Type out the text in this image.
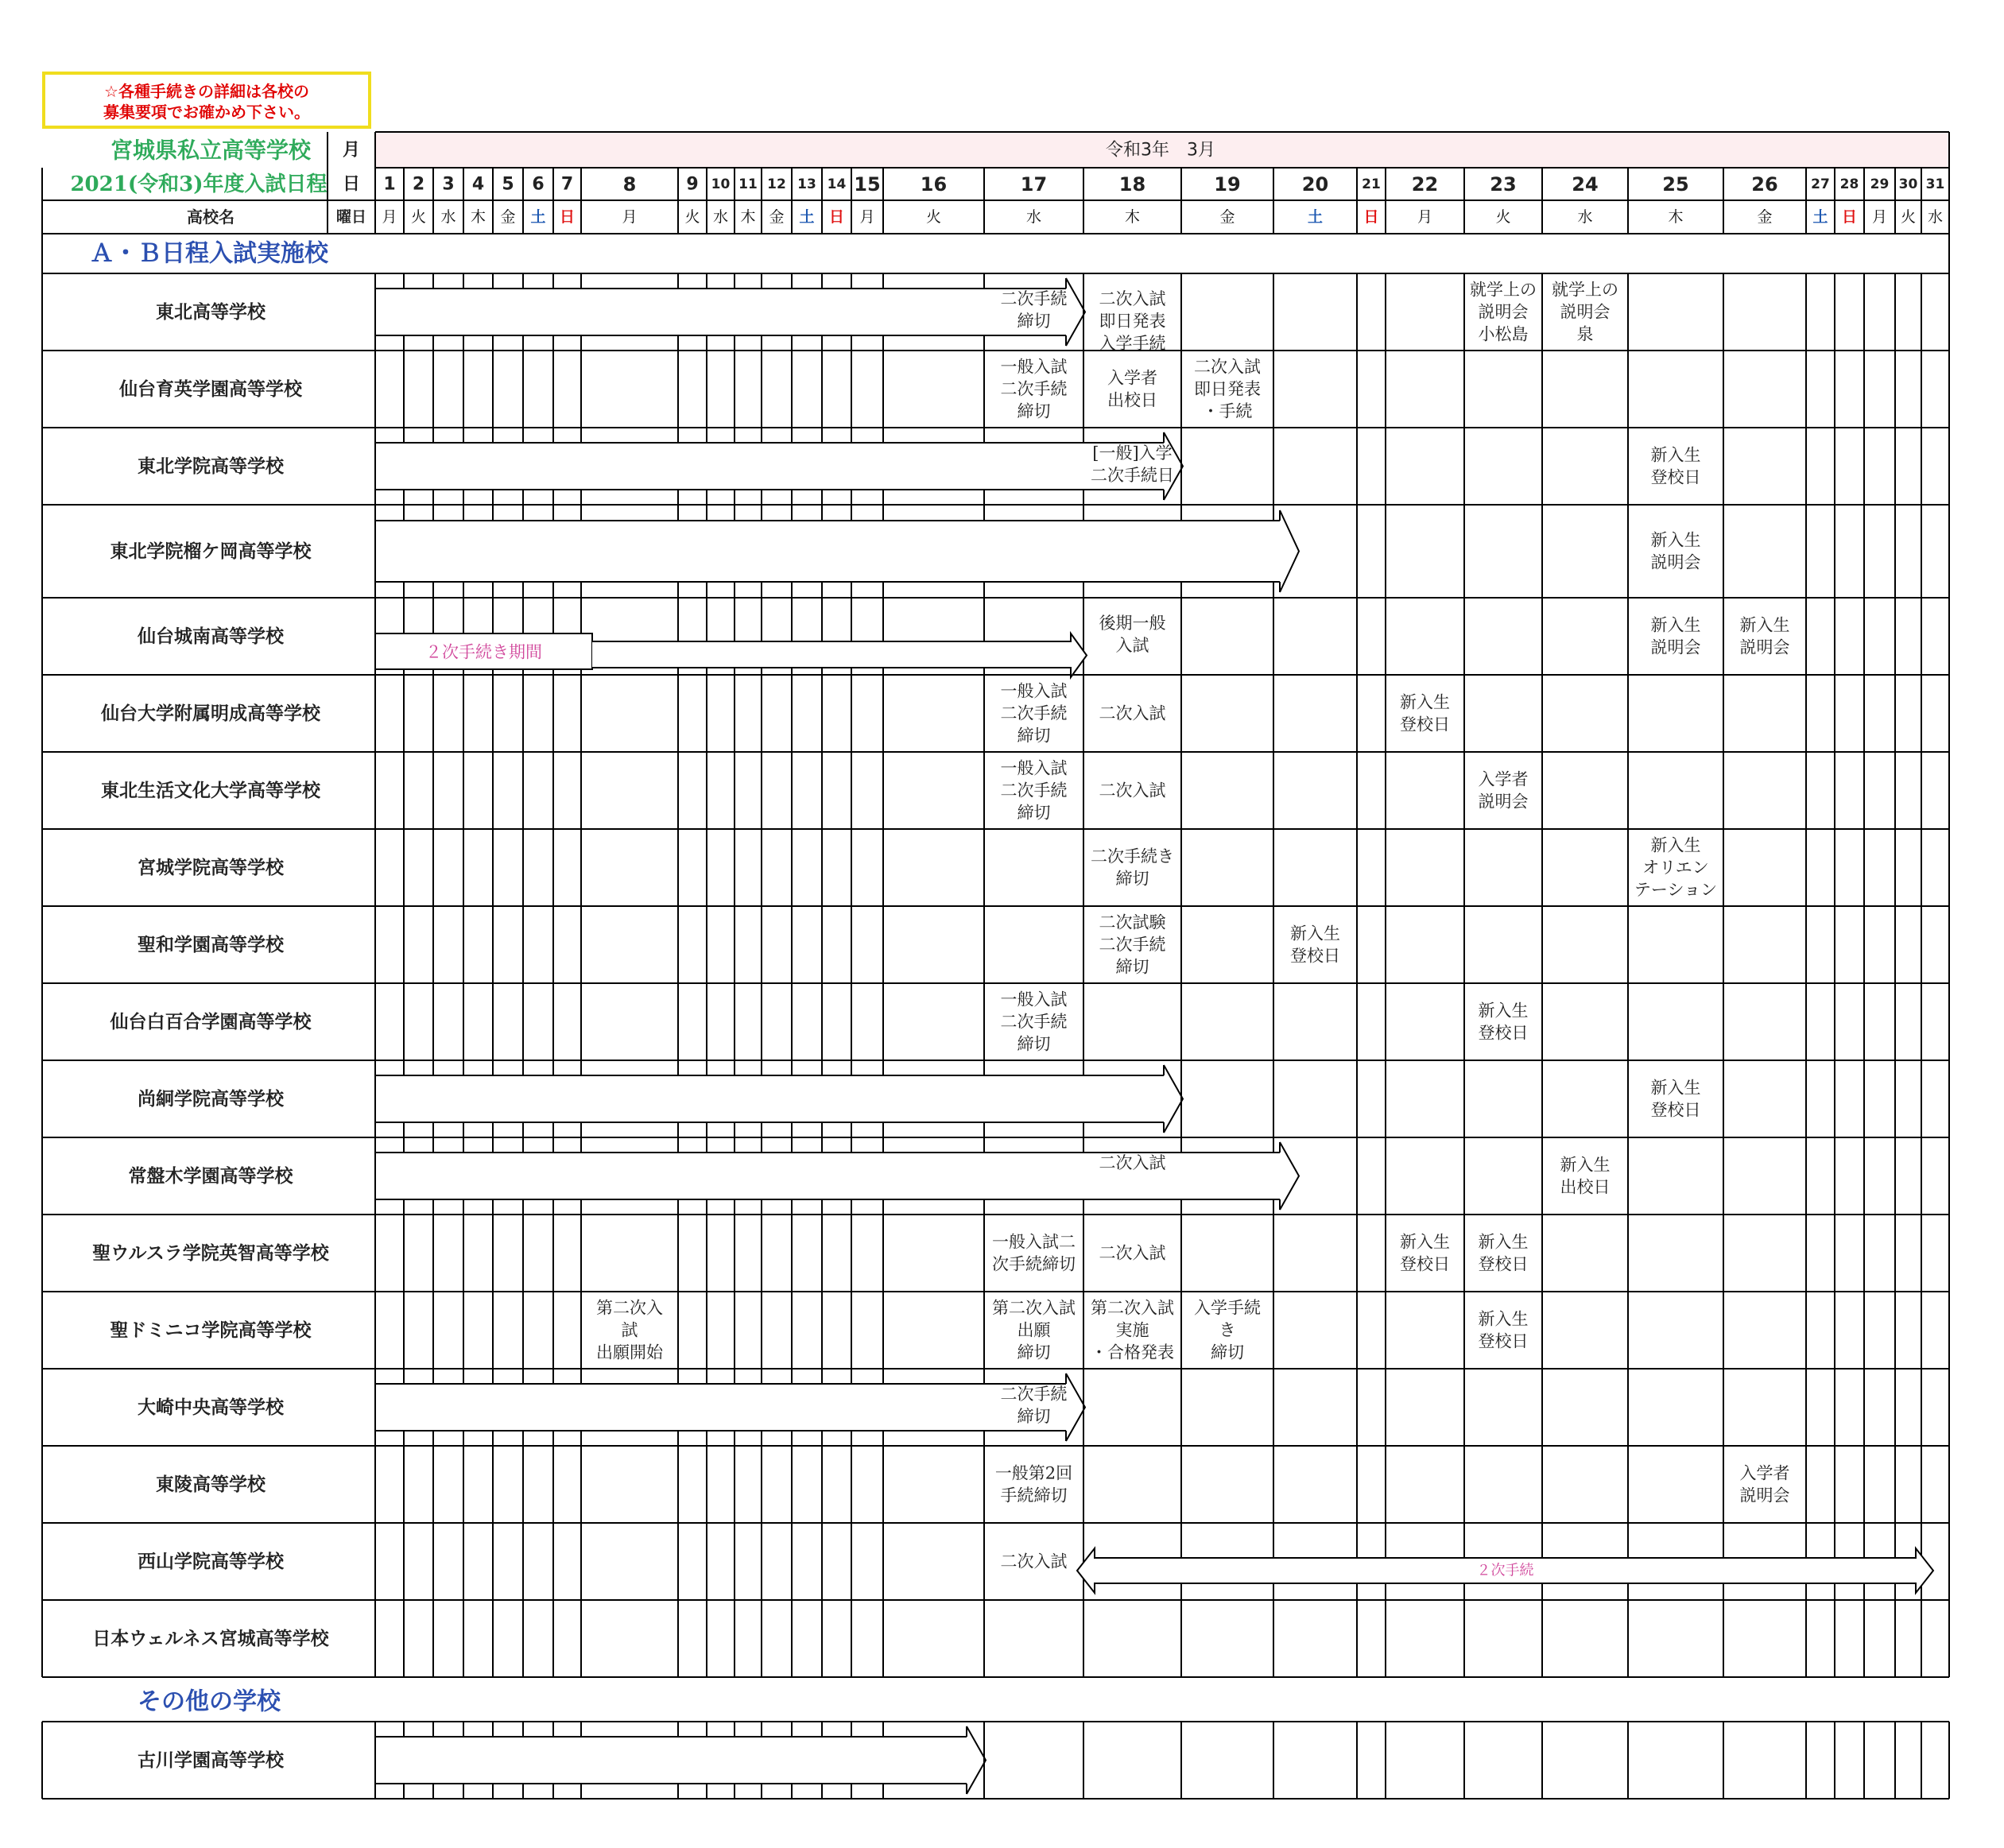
☆各種手続きの詳細は各校の
募集要項でお確かめ下さい。
宮城県私立高等学校
2021(令和3)年度入試日程
高校名
月
日
曜日
令和3年　3月
1
月
2
火
3
水
4
木
5
金
6
土
7
日
8
月
9
火
10
水
11
木
12
金
13
土
14
日
15
月
16
火
17
水
18
木
19
金
20
土
21
日
22
月
23
火
24
水
25
木
26
金
27
土
28
日
29
月
30
火
31
水
Ａ・Ｂ日程入試実施校
東北高等学校
二次手続
締切
二次入試
即日発表
入学手続
就学上の
説明会
小松島
就学上の
説明会
泉
仙台育英学園高等学校
一般入試
二次手続
締切
入学者
出校日
二次入試
即日発表
・手続
東北学院高等学校
[一般]入学
二次手続日
新入生
登校日
東北学院榴ケ岡高等学校
新入生
説明会
仙台城南高等学校
２次手続き期間
後期一般
入試
新入生
説明会
新入生
説明会
仙台大学附属明成高等学校
一般入試
二次手続
締切
二次入試
新入生
登校日
東北生活文化大学高等学校
一般入試
二次手続
締切
二次入試
入学者
説明会
宮城学院高等学校
二次手続き
締切
新入生
オリエン
テーション
聖和学園高等学校
二次試験
二次手続
締切
新入生
登校日
仙台白百合学園高等学校
一般入試
二次手続
締切
新入生
登校日
尚絅学院高等学校
新入生
登校日
常盤木学園高等学校
二次入試	新入生
出校日
聖ウルスラ学院英智高等学校
一般入試二
次手続締切
二次入試
新入生
登校日
新入生
登校日
聖ドミニコ学院高等学校
第二次入
試
出願開始
第二次入試
出願
締切
第二次入試
実施
・合格発表
入学手続
き
締切
新入生
登校日
大崎中央高等学校
二次手続
締切
東陵高等学校
一般第2回
手続締切
入学者
説明会
西山学院高等学校	２次手続
二次入試
日本ウェルネス宮城高等学校
その他の学校
古川学園高等学校
